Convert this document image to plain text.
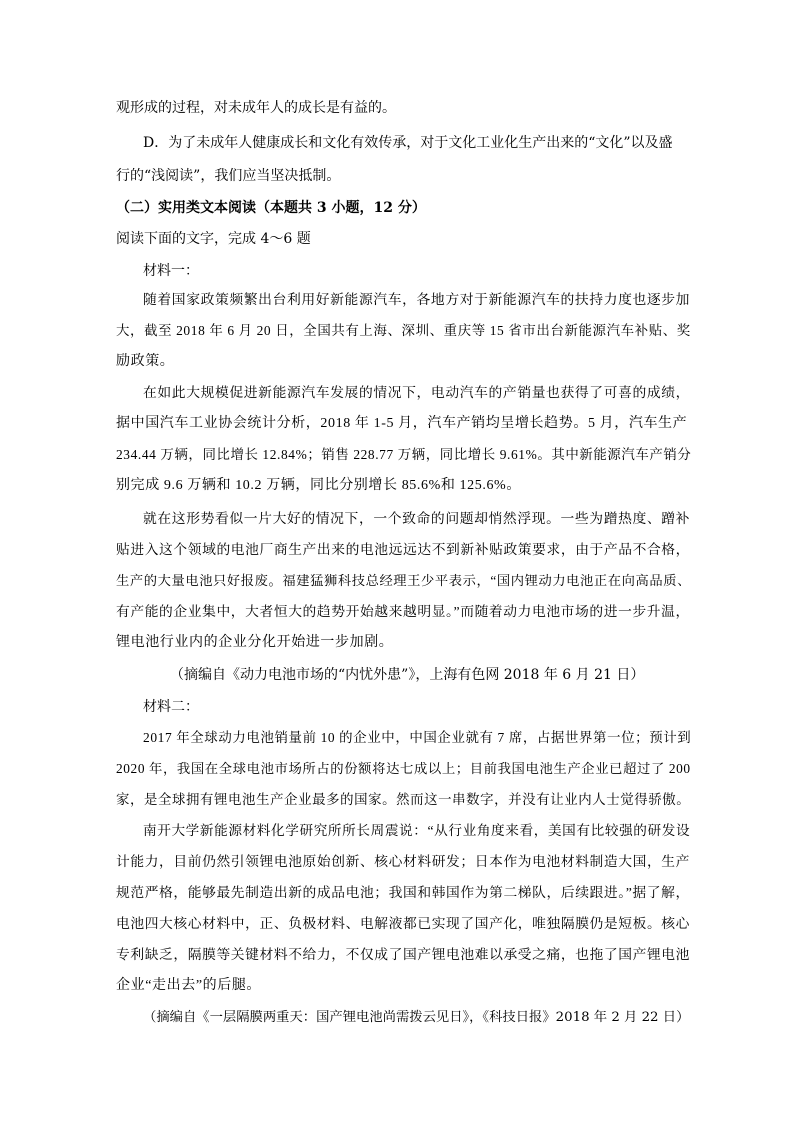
观形成的过程，对未成年人的成长是有益的。
D．为了未成年人健康成长和文化有效传承，对于文化工业化生产出来的“文化”以及盛
行的“浅阅读”，我们应当坚决抵制。
（二）实用类文本阅读（本题共 3 小题，12 分）
阅读下面的文字，完成 4～6 题
材料一：
随着国家政策频繁出台利用好新能源汽车，各地方对于新能源汽车的扶持力度也逐步加
大，截至 2018 年 6 月 20 日，全国共有上海、深圳、重庆等 15 省市出台新能源汽车补贴、奖
励政策。
在如此大规模促进新能源汽车发展的情况下，电动汽车的产销量也获得了可喜的成绩，
据中国汽车工业协会统计分析，2018 年 1-5 月，汽车产销均呈增长趋势。5 月，汽车生产
234.44 万辆，同比增长 12.84%；销售 228.77 万辆，同比增长 9.61%。其中新能源汽车产销分
别完成 9.6 万辆和 10.2 万辆，同比分别增长 85.6%和 125.6%。
就在这形势看似一片大好的情况下，一个致命的问题却悄然浮现。一些为蹭热度、蹭补
贴进入这个领域的电池厂商生产出来的电池远远达不到新补贴政策要求，由于产品不合格，
生产的大量电池只好报废。福建猛狮科技总经理王少平表示，“国内锂动力电池正在向高品质、
有产能的企业集中，大者恒大的趋势开始越来越明显。”而随着动力电池市场的进一步升温，
锂电池行业内的企业分化开始进一步加剧。
（摘编自《动力电池市场的“内忧外患”》，上海有色网 2018 年 6 月 21 日）
材料二：
2017 年全球动力电池销量前 10 的企业中，中国企业就有 7 席，占据世界第一位；预计到
2020 年，我国在全球电池市场所占的份额将达七成以上；目前我国电池生产企业已超过了 200
家，是全球拥有锂电池生产企业最多的国家。然而这一串数字，并没有让业内人士觉得骄傲。
南开大学新能源材料化学研究所所长周震说：“从行业角度来看，美国有比较强的研发设
计能力，目前仍然引领锂电池原始创新、核心材料研发；日本作为电池材料制造大国，生产
规范严格，能够最先制造出新的成品电池；我国和韩国作为第二梯队，后续跟进。”据了解，
电池四大核心材料中，正、负极材料、电解液都已实现了国产化，唯独隔膜仍是短板。核心
专利缺乏，隔膜等关键材料不给力，不仅成了国产锂电池难以承受之痛，也拖了国产锂电池
企业“走出去”的后腿。
（摘编自《一层隔膜两重天：国产锂电池尚需拨云见日》，《科技日报》2018 年 2 月 22 日）
